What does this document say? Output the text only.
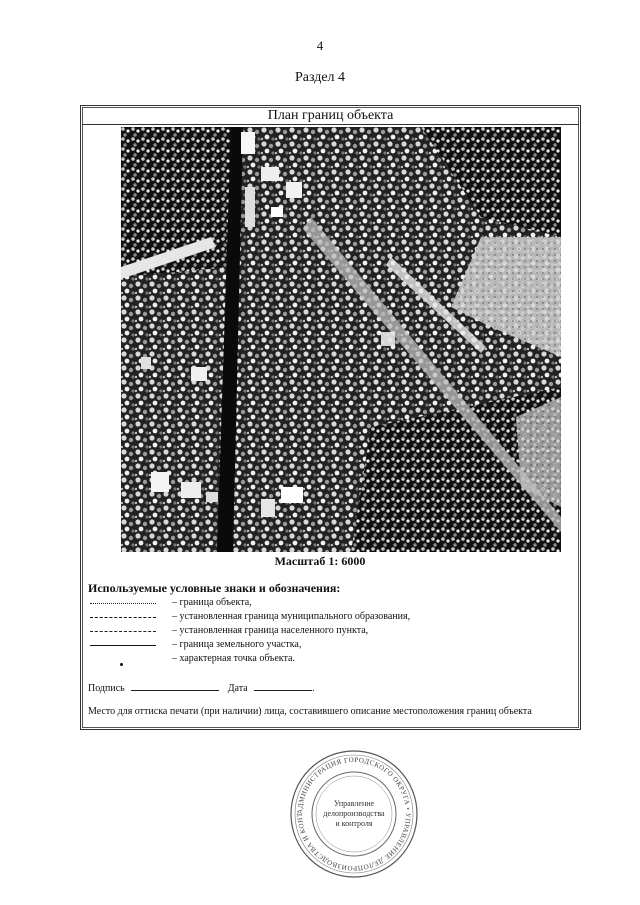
4
Раздел 4
План границ объекта
Масштаб 1: 6000
Используемые условные знаки и обозначения:
– граница объекта,
– установленная граница муниципального образования,
– установленная граница населенного пункта,
– граница земельного участка,
– характерная точка объекта.
Подпись	Дата	.
Место для оттиска печати (при наличии) лица, составившего описание местоположения границ объекта
АДМИНИСТРАЦИЯ ГОРОДСКОГО ОКРУГА • УПРАВЛЕНИЕ ДЕЛОПРОИЗВОДСТВА И КОНТ
Управление
делопроизводства
и контроля
